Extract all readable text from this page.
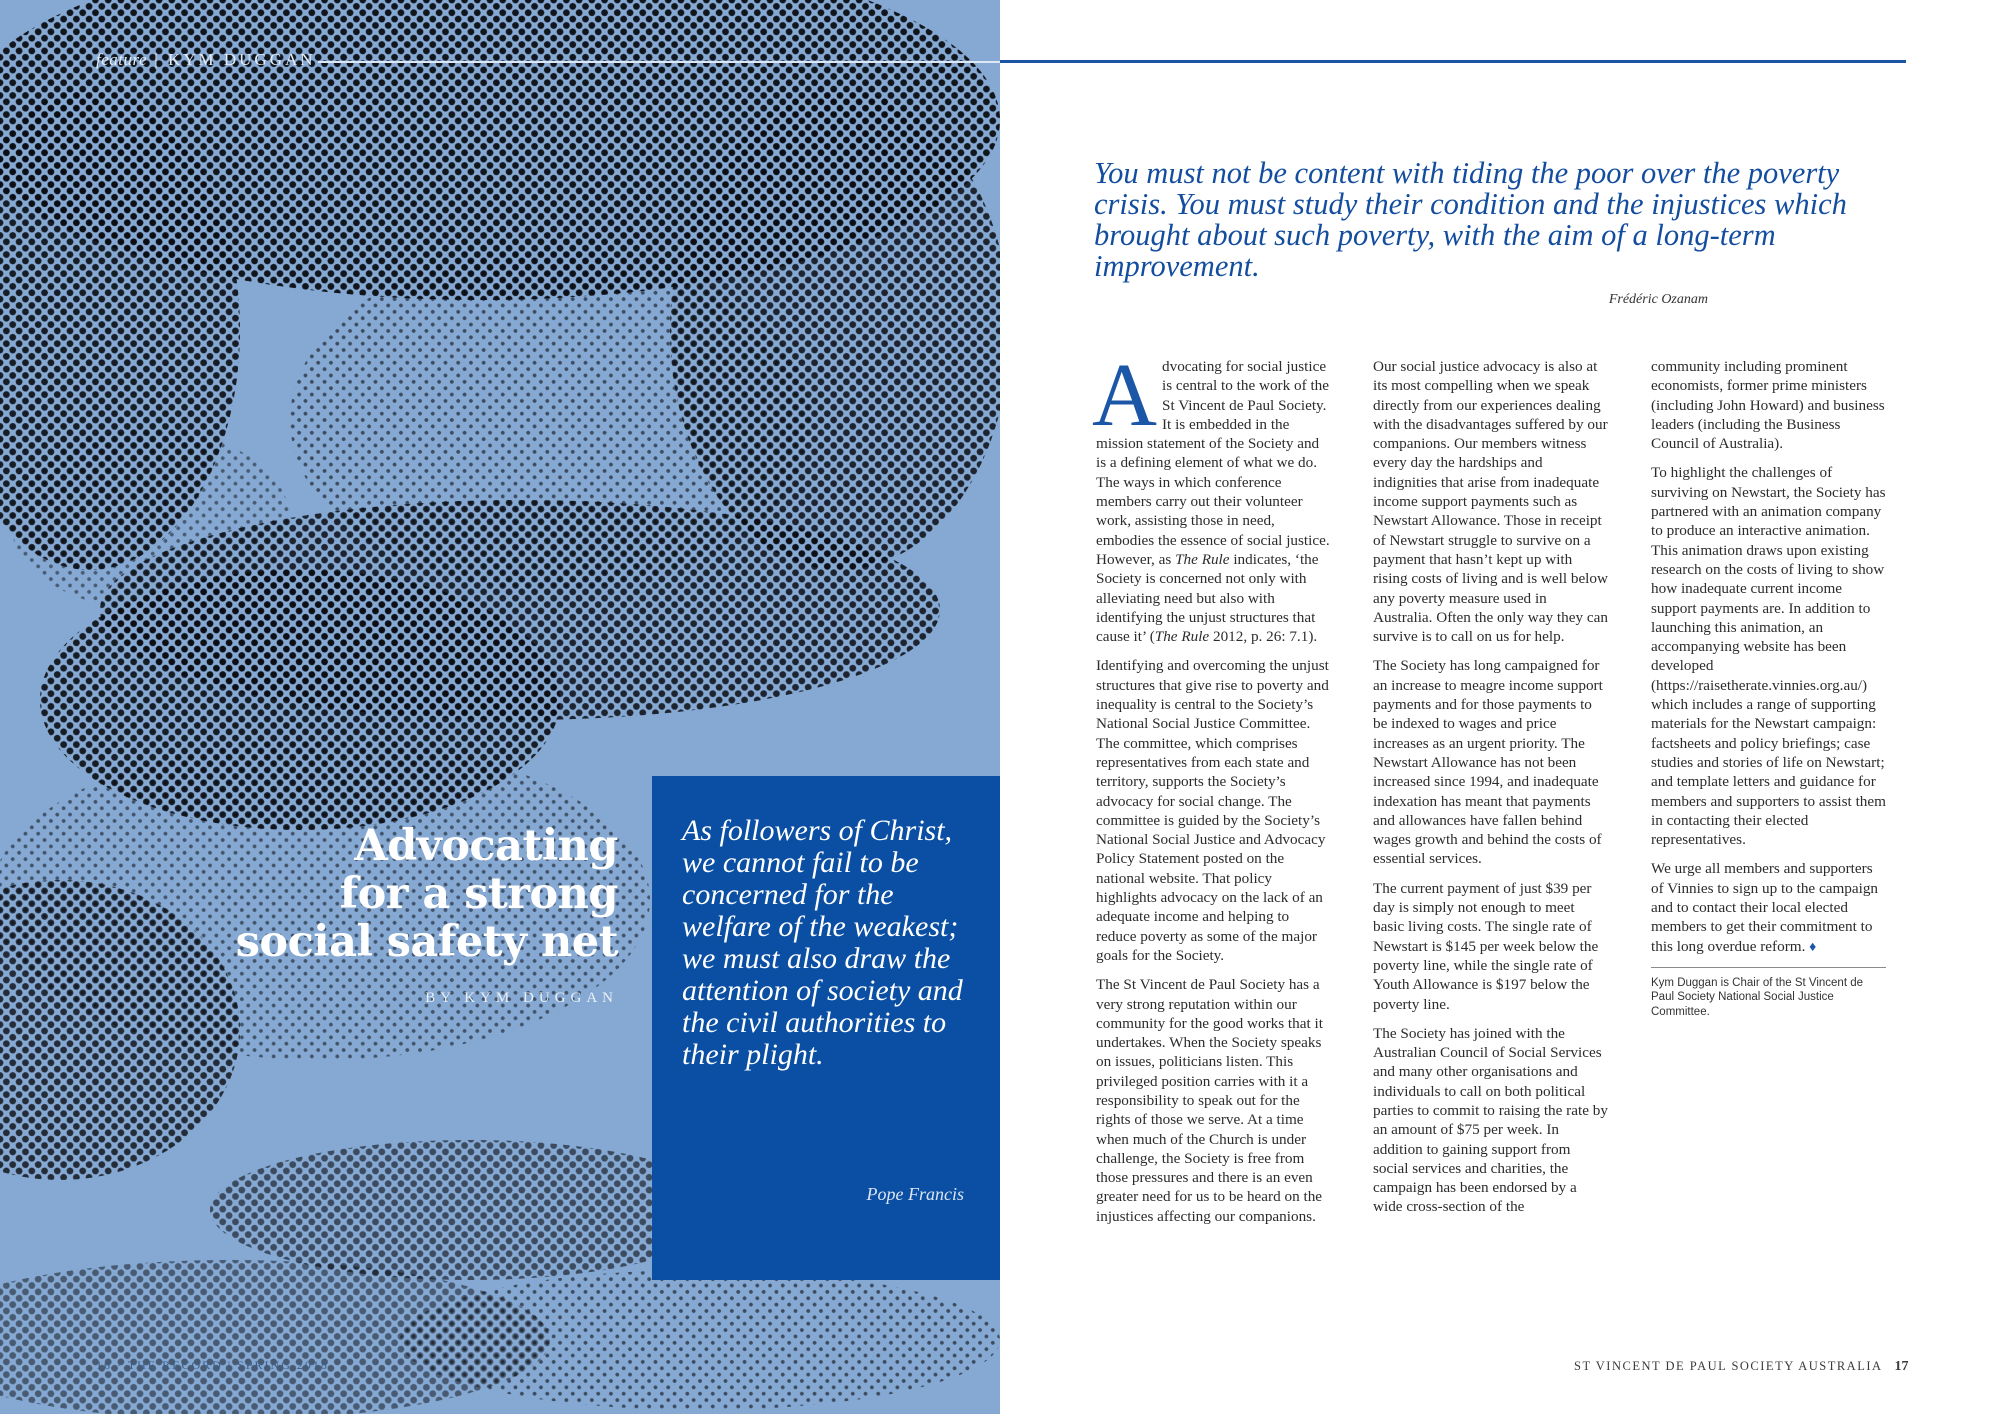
feature | KYM DUGGAN
Advocating
for a strong
social safety net
BY KYM DUGGAN

As followers of Christ, we cannot fail to be concerned for the welfare of the weakest; we must also draw the attention of society and the civil authorities to their plight.

Pope Francis
16 · THE RECORD | SPRING 2018

You must not be content with tiding the poor over the poverty crisis. You must study their condition and the injustices which brought about such poverty, with the aim of a long-term improvement.

Frédéric Ozanam

Advocating for social justice is central to the work of the St Vincent de Paul Society. It is embedded in the mission statement of the Society and is a defining element of what we do. The ways in which conference members carry out their volunteer work, assisting those in need, embodies the essence of social justice. However, as The Rule indicates, ‘the Society is concerned not only with alleviating need but also with identifying the unjust structures that cause it’ (The Rule 2012, p. 26: 7.1).

Identifying and overcoming the unjust structures that give rise to poverty and inequality is central to the Society’s National Social Justice Committee. The committee, which comprises representatives from each state and territory, supports the Society’s advocacy for social change. The committee is guided by the Society’s National Social Justice and Advocacy Policy Statement posted on the national website. That policy highlights advocacy on the lack of an adequate income and helping to reduce poverty as some of the major goals for the Society.

The St Vincent de Paul Society has a very strong reputation within our community for the good works that it undertakes. When the Society speaks on issues, politicians listen. This privileged position carries with it a responsibility to speak out for the rights of those we serve. At a time when much of the Church is under challenge, the Society is free from those pressures and there is an even greater need for us to be heard on the injustices affecting our companions.

Our social justice advocacy is also at its most compelling when we speak directly from our experiences dealing with the disadvantages suffered by our companions. Our members witness every day the hardships and indignities that arise from inadequate income support payments such as Newstart Allowance. Those in receipt of Newstart struggle to survive on a payment that hasn’t kept up with rising costs of living and is well below any poverty measure used in Australia. Often the only way they can survive is to call on us for help.

The Society has long campaigned for an increase to meagre income support payments and for those payments to be indexed to wages and price increases as an urgent priority. The Newstart Allowance has not been increased since 1994, and inadequate indexation has meant that payments and allowances have fallen behind wages growth and behind the costs of essential services.

The current payment of just $39 per day is simply not enough to meet basic living costs. The single rate of Newstart is $145 per week below the poverty line, while the single rate of Youth Allowance is $197 below the poverty line.

The Society has joined with the Australian Council of Social Services and many other organisations and individuals to call on both political parties to commit to raising the rate by an amount of $75 per week. In addition to gaining support from social services and charities, the campaign has been endorsed by a wide cross-section of the

community including prominent economists, former prime ministers (including John Howard) and business leaders (including the Business Council of Australia).

To highlight the challenges of surviving on Newstart, the Society has partnered with an animation company to produce an interactive animation. This animation draws upon existing research on the costs of living to show how inadequate current income support payments are. In addition to launching this animation, an accompanying website has been developed (https://raisetherate.vinnies.org.au/) which includes a range of supporting materials for the Newstart campaign: factsheets and policy briefings; case studies and stories of life on Newstart; and template letters and guidance for members and supporters to assist them in contacting their elected representatives.

We urge all members and supporters of Vinnies to sign up to the campaign and to contact their local elected members to get their commitment to this long overdue reform. ♦

Kym Duggan is Chair of the St Vincent de Paul Society National Social Justice Committee.
ST VINCENT DE PAUL SOCIETY AUSTRALIA 17
